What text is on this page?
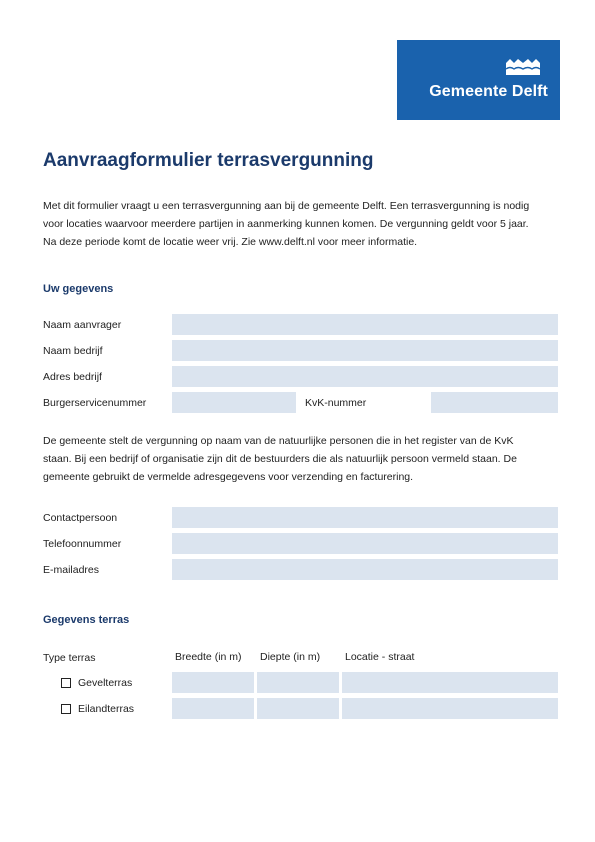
Gemeente Delft
Aanvraagformulier terrasvergunning

Met dit formulier vraagt u een terrasvergunning aan bij de gemeente Delft. Een terrasvergunning is nodig voor locaties waarvoor meerdere partijen in aanmerking kunnen komen. De vergunning geldt voor 5 jaar. Na deze periode komt de locatie weer vrij. Zie www.delft.nl voor meer informatie.

Uw gegevens
Naam aanvrager
Naam bedrijf
Adres bedrijf
Burgerservicenummer	KvK-nummer

De gemeente stelt de vergunning op naam van de natuurlijke personen die in het register van de KvK staan. Bij een bedrijf of organisatie zijn dit de bestuurders die als natuurlijk persoon vermeld staan. De gemeente gebruikt de vermelde adresgegevens voor verzending en facturering.

Contactpersoon
Telefoonnummer
E-mailadres
Gegevens terras
Type terras	Breedte (in m) Diepte (in m) Locatie - straat
Gevelterras
Eilandterras
